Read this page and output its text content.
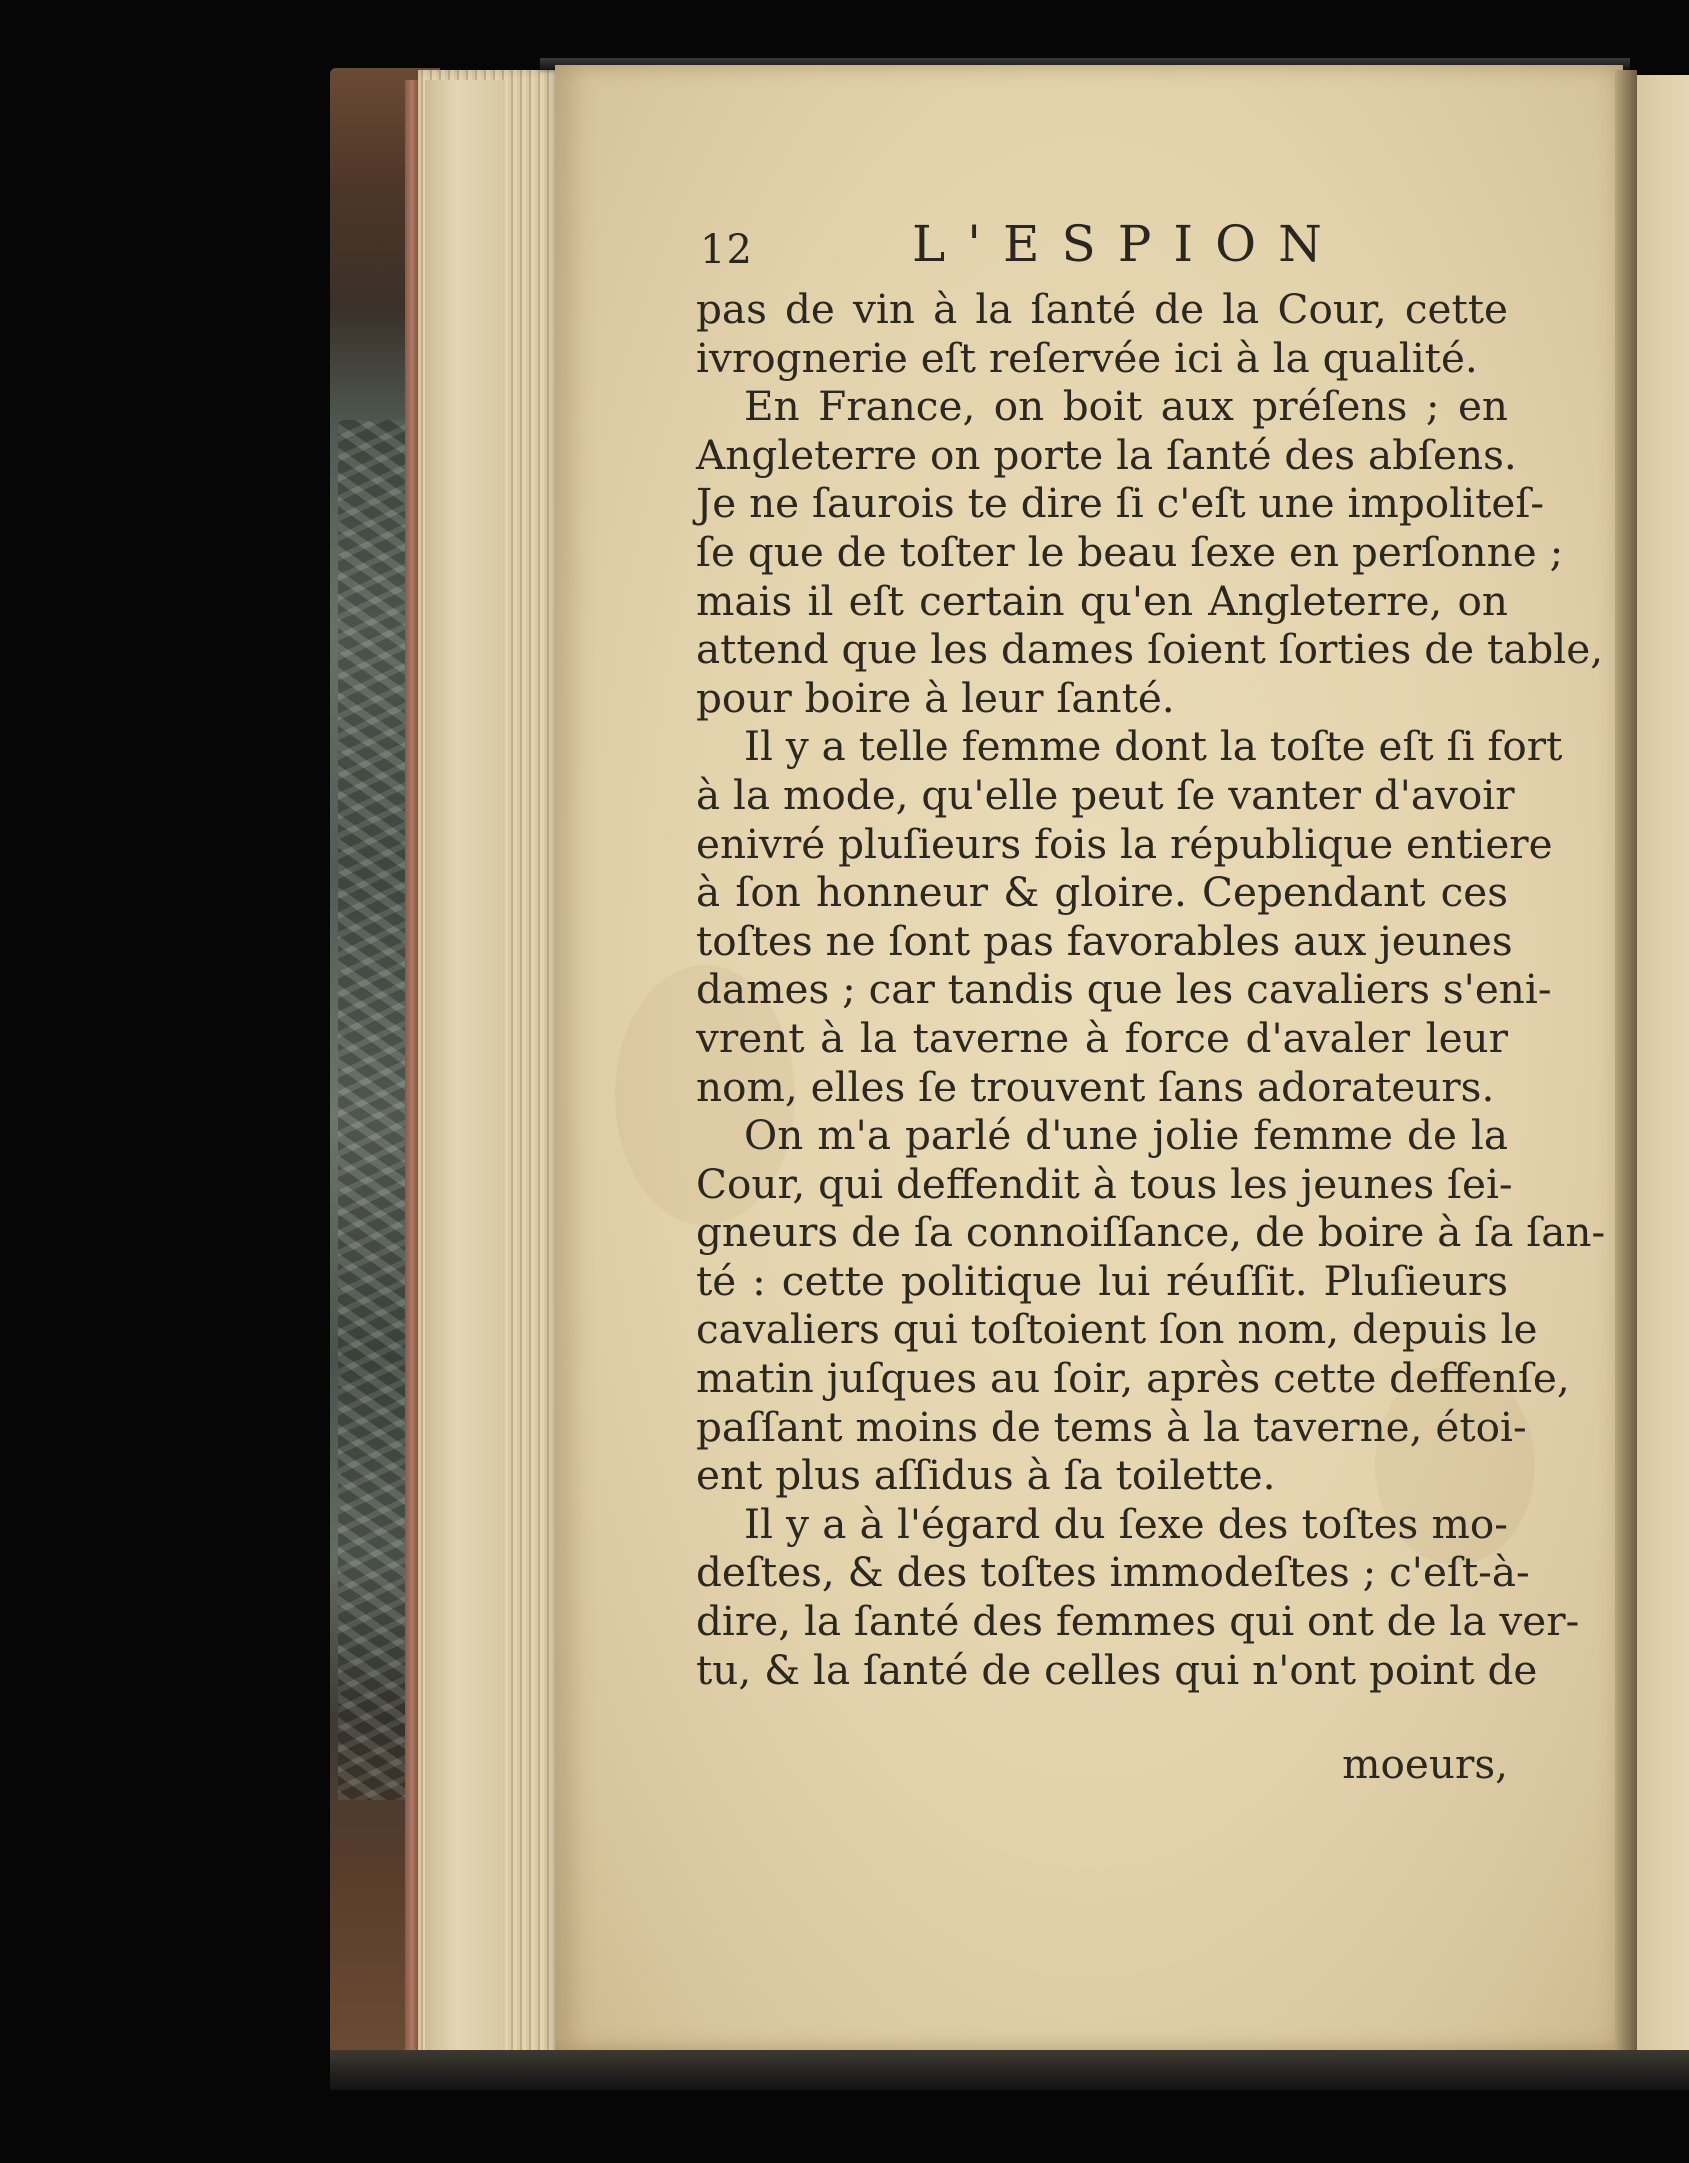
12	L'ESPION
pas de vin à la ſanté de la Cour, cette
ivrognerie eſt reſervée ici à la qualité.
En France, on boit aux préſens ; en
Angleterre on porte la ſanté des abſens.
Je ne ſaurois te dire ſi c'eſt une impoliteſ-
ſe que de toſter le beau ſexe en perſonne ;
mais il eſt certain qu'en Angleterre, on
attend que les dames ſoient ſorties de table,
pour boire à leur ſanté.
Il y a telle femme dont la toſte eſt ſi fort
à la mode, qu'elle peut ſe vanter d'avoir
enivré pluſieurs fois la république entiere
à ſon honneur & gloire. Cependant ces
toſtes ne ſont pas favorables aux jeunes
dames ; car tandis que les cavaliers s'eni-
vrent à la taverne à force d'avaler leur
nom, elles ſe trouvent ſans adorateurs.
On m'a parlé d'une jolie femme de la
Cour, qui deffendit à tous les jeunes ſei-
gneurs de ſa connoiſſance, de boire à ſa ſan-
té : cette politique lui réuſſit. Pluſieurs
cavaliers qui toſtoient ſon nom, depuis le
matin juſques au ſoir, après cette deffenſe,
paſſant moins de tems à la taverne, étoi-
ent plus aſſidus à ſa toilette.
Il y a à l'égard du ſexe des toſtes mo-
deſtes, & des toſtes immodeſtes ; c'eſt-à-
dire, la ſanté des femmes qui ont de la ver-
tu, & la ſanté de celles qui n'ont point de
moeurs,
